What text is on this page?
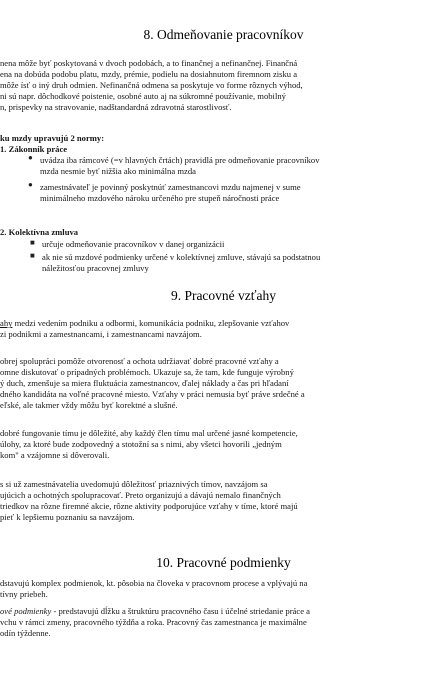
8. Odmeňovanie pracovníkov
nena môže byť poskytovaná v dvoch podobách, a to finančnej a nefinančnej. Finančná
ena na dobúda podobu platu, mzdy, prémie, podielu na dosiahnutom firemnom zisku a
môže ísť o iný druh odmien. Nefinančná odmena sa poskytuje vo forme rôznych výhod,
ni sú napr. dôchodkové poistenie, osobné auto aj na súkromné používanie, mobilný
n, prispevky na stravovanie, nadštandardná zdravotná starostlivosť.
ku mzdy upravujú 2 normy:
1. Zákonník práce
● uvádza iba rámcové (=v hlavných črtách) pravidlá pre odmeňovanie pracovníkov
mzda nesmie byť nižšia ako minimálna mzda
● zamestnávateľ je povinný poskytnúť zamestnancovi mzdu najmenej v sume
minimálneho mzdového nároku určeného pre stupeň náročnosti práce
2. Kolektívna zmluva
■ určuje odmeňovanie pracovníkov v danej organizácii
■ ak nie sú mzdové podmienky určené v kolektívnej zmluve, stávajú sa podstatnou
náležitosťou pracovnej zmluvy
9. Pracovné vzťahy
ahy medzi vedením podniku a odbormi, komunikácia podniku, zlepšovanie vzťahov
zi podnikmi a zamestnancami, i zamestnancami navzájom.
obrej spolupráci pomôže otvorenosť a ochota udržiavať dobré pracovné vzťahy a
omne diskutovať o prípadných problémoch. Ukazuje sa, že tam, kde funguje výrobný
ý duch, zmenšuje sa miera fluktuácia zamestnancov, ďalej náklady a čas pri hľadaní
dného kandidáta na voľné pracovné miesto. Vzťahy v práci nemusia byť práve srdečné a
eľské, ale takmer vždy môžu byť korektné a slušné.
dobré fungovanie tímu je dôležité, aby každý člen tímu mal určené jasné kompetencie,
úlohy, za ktoré bude zodpovedný a stotožní sa s nimi, aby všetci hovorili „jedným
kom" a vzájomne si dôverovali.
s si už zamestnávatelia uvedomujú dôležitosť priaznivých tímov, navzájom sa
ujúcich a ochotných spolupracovať. Preto organizujú a dávajú nemalo finančných
triedkov na rôzne firemné akcie, rôzne aktivity podporujúce vzťahy v tíme, ktoré majú
pieť k lepšiemu poznaniu sa navzájom.
10. Pracovné podmienky
dstavujú komplex podmienok, kt. pôsobia na človeka v pracovnom procese a vplývajú na
tívny priebeh.
ové podmienky - predstavujú dĺžku a štruktúru pracovného času i účelné striedanie práce a
vchu v rámci zmeny, pracovného týždňa a roka. Pracovný čas zamestnanca je maximálne
odín týždenne.
